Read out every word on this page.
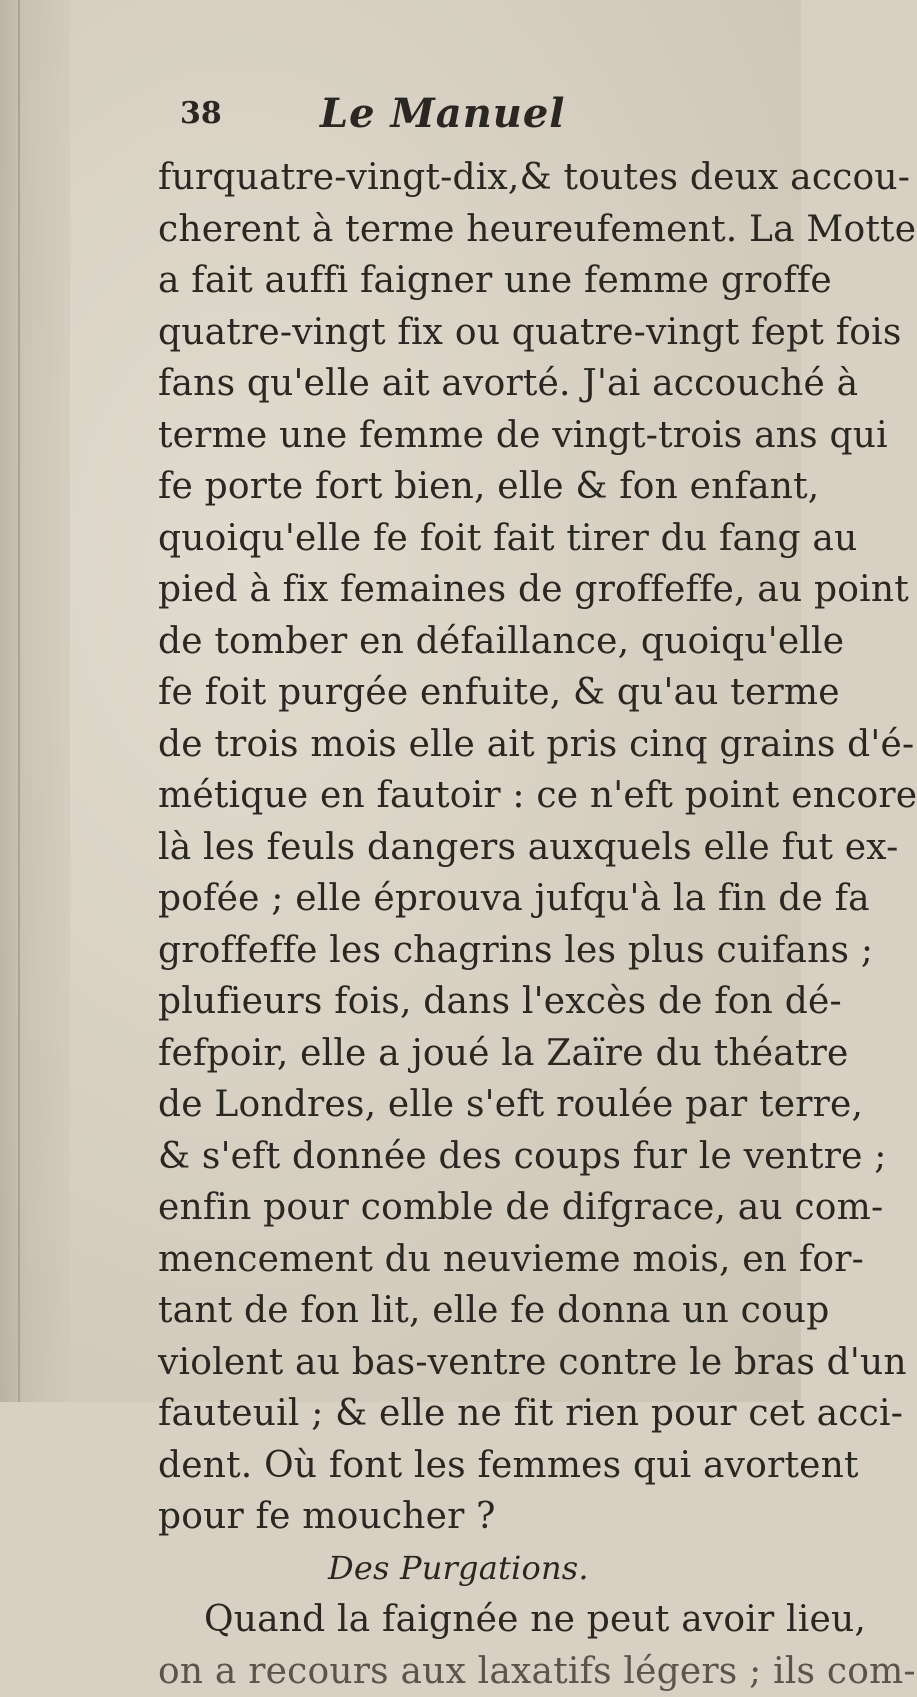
38 Le Manuel
furquatre-vingt-dix,& toutes deux accou-
cherent à terme heureufement. La Motte
a fait auffi faigner une femme groffe
quatre-vingt fix ou quatre-vingt fept fois
fans qu'elle ait avorté. J'ai accouché à
terme une femme de vingt-trois ans qui
fe porte fort bien, elle & fon enfant,
quoiqu'elle fe foit fait tirer du fang au
pied à fix femaines de groffeffe, au point
de tomber en défaillance, quoiqu'elle
fe foit purgée enfuite, & qu'au terme
de trois mois elle ait pris cinq grains d'é-
métique en fautoir : ce n'eft point encore
là les feuls dangers auxquels elle fut ex-
pofée ; elle éprouva jufqu'à la fin de fa
groffeffe les chagrins les plus cuifans ;
plufieurs fois, dans l'excès de fon dé-
fefpoir, elle a joué la Zaïre du théatre
de Londres, elle s'eft roulée par terre,
& s'eft donnée des coups fur le ventre ;
enfin pour comble de difgrace, au com-
mencement du neuvieme mois, en for-
tant de fon lit, elle fe donna un coup
violent au bas-ventre contre le bras d'un
fauteuil ; & elle ne fit rien pour cet acci-
dent. Où font les femmes qui avortent
pour fe moucher ?
Des Purgations.
Quand la faignée ne peut avoir lieu,
on a recours aux laxatifs légers ; ils com-
